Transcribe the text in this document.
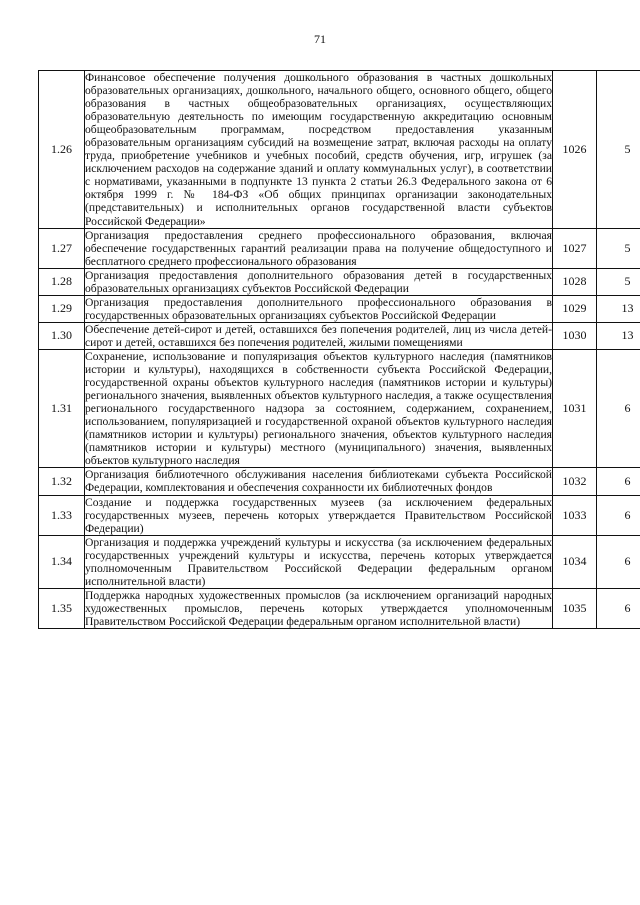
71
1.26	Финансовое обеспечение получения дошкольного образования в частных дошкольных образовательных организациях, дошкольного, начального общего, основного общего, общего образования в частных общеобразовательных организациях, осуществляющих образовательную деятельность по имеющим государственную аккредитацию основным общеобразовательным программам, посредством предоставления указанным образовательным организациям субсидий на возмещение затрат, включая расходы на оплату труда, приобретение учебников и учебных пособий, средств обучения, игр, игрушек (за исключением расходов на содержание зданий и оплату коммунальных услуг), в соответствии с нормативами, указанными в подпункте 13 пункта 2 статьи 26.3 Федерального закона от 6 октября 1999 г. № 184-ФЗ «Об общих принципах организации законодательных (представительных) и исполнительных органов государственной власти субъектов Российской Федерации»	1026	5
1.27	Организация предоставления среднего профессионального образования, включая обеспечение государственных гарантий реализации права на получение общедоступного и бесплатного среднего профессионального образования	1027	5
1.28	Организация предоставления дополнительного образования детей в государственных образовательных организациях субъектов Российской Федерации	1028	5
1.29	Организация предоставления дополнительного профессионального образования в государственных образовательных организациях субъектов Российской Федерации	1029	13
1.30	Обеспечение детей-сирот и детей, оставшихся без попечения родителей, лиц из числа детей-сирот и детей, оставшихся без попечения родителей, жилыми помещениями	1030	13
1.31	Сохранение, использование и популяризация объектов культурного наследия (памятников истории и культуры), находящихся в собственности субъекта Российской Федерации, государственной охраны объектов культурного наследия (памятников истории и культуры) регионального значения, выявленных объектов культурного наследия, а также осуществления регионального государственного надзора за состоянием, содержанием, сохранением, использованием, популяризацией и государственной охраной объектов культурного наследия (памятников истории и культуры) регионального значения, объектов культурного наследия (памятников истории и культуры) местного (муниципального) значения, выявленных объектов культурного наследия	1031	6
1.32	Организация библиотечного обслуживания населения библиотеками субъекта Российской Федерации, комплектования и обеспечения сохранности их библиотечных фондов	1032	6
1.33	Создание и поддержка государственных музеев (за исключением федеральных государственных музеев, перечень которых утверждается Правительством Российской Федерации)	1033	6
1.34	Организация и поддержка учреждений культуры и искусства (за исключением федеральных государственных учреждений культуры и искусства, перечень которых утверждается уполномоченным Правительством Российской Федерации федеральным органом исполнительной власти)	1034	6
1.35	Поддержка народных художественных промыслов (за исключением организаций народных художественных промыслов, перечень которых утверждается уполномоченным Правительством Российской Федерации федеральным органом исполнительной власти)	1035	6
